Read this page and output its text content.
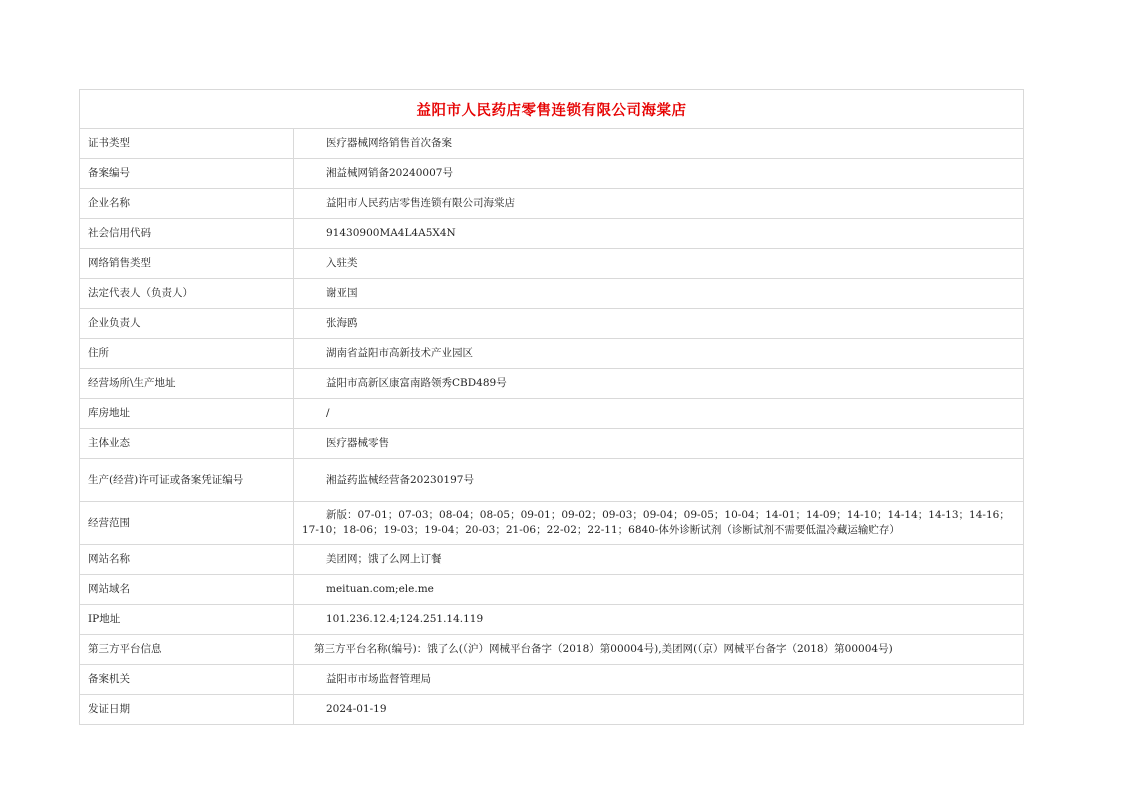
益阳市人民药店零售连锁有限公司海棠店	
证书类型	医疗器械网络销售首次备案
备案编号	湘益械网销备20240007号
企业名称	益阳市人民药店零售连锁有限公司海棠店
社会信用代码	91430900MA4L4A5X4N
网络销售类型	入驻类
法定代表人（负责人）	谢亚国
企业负责人	张海鸥
住所	湖南省益阳市高新技术产业园区
经营场所\生产地址	益阳市高新区康富南路领秀CBD489号
库房地址	/
主体业态	医疗器械零售
生产(经营)许可证或备案凭证编号	湘益药监械经营备20230197号
经营范围	新版：07-01；07-03；08-04；08-05；09-01；09-02；09-03；09-04；09-05；10-04；14-01；14-09；14-10；14-14；14-13；14-16；17-10；18-06；19-03；19-04；20-03；21-06；22-02；22-11；6840-体外诊断试剂（诊断试剂不需要低温冷藏运输贮存）
网站名称	美团网；饿了么网上订餐
网站域名	meituan.com;ele.me
IP地址	101.236.12.4;124.251.14.119
第三方平台信息	第三方平台名称(编号)：饿了么(（沪）网械平台备字（2018）第00004号),美团网(（京）网械平台备字（2018）第00004号)
备案机关	益阳市市场监督管理局
发证日期	2024-01-19
